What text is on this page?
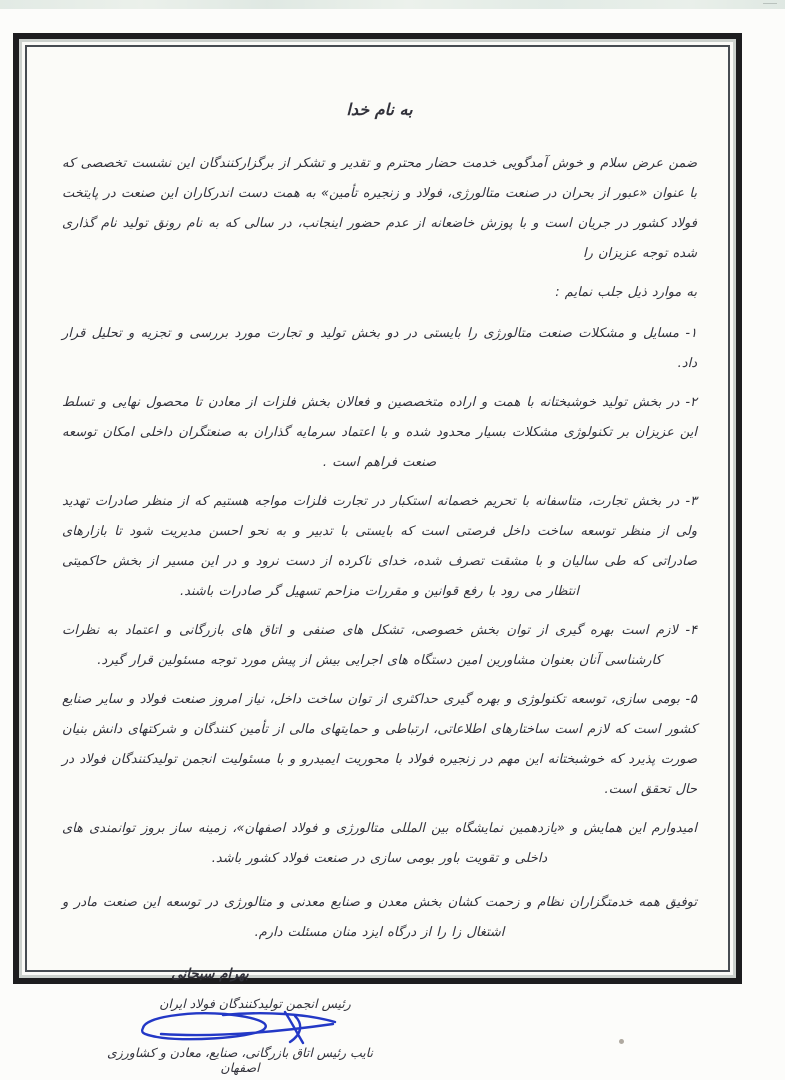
به نام خدا

ضمن عرض سلام و خوش آمدگویی خدمت حضار محترم و تقدیر و تشکر از برگزارکنندگان این نشست تخصصی که با عنوان «عبور از بحران در صنعت متالورژی، فولاد و زنجیره تأمین» به همت دست اندرکاران این صنعت در پایتخت فولاد کشور در جریان است و با پوزش خاضعانه از عدم حضور اینجانب، در سالی که به نام رونق تولید نام گذاری شده توجه عزیزان را

به موارد ذیل جلب نمایم :

۱- مسایل و مشکلات صنعت متالورژی را بایستی در دو بخش تولید و تجارت مورد بررسی و تجزیه و تحلیل قرار داد.

۲- در بخش تولید خوشبختانه با همت و اراده متخصصین و فعالان بخش فلزات از معادن تا محصول نهایی و تسلط این عزیزان بر تکنولوژی مشکلات بسیار محدود شده و با اعتماد سرمایه گذاران به صنعتگران داخلی امکان توسعه صنعت فراهم است .

۳- در بخش تجارت، متاسفانه با تحریم خصمانه استکبار در تجارت فلزات مواجه هستیم که از منظر صادرات تهدید ولی از منظر توسعه ساخت داخل فرصتی است که بایستی با تدبیر و به نحو احسن مدیریت شود تا بازارهای صادراتی که طی سالیان و با مشقت تصرف شده، خدای ناکرده از دست نرود و در این مسیر از بخش حاکمیتی انتظار می رود با رفع قوانین و مقررات مزاحم تسهیل گر صادرات باشند.

۴- لازم است بهره گیری از توان بخش خصوصی، تشکل های صنفی و اتاق های بازرگانی و اعتماد به نظرات کارشناسی آنان بعنوان مشاورین امین دستگاه های اجرایی بیش از پیش مورد توجه مسئولین قرار گیرد.

۵- بومی سازی، توسعه تکنولوژی و بهره گیری حداکثری از توان ساخت داخل، نیاز امروز صنعت فولاد و سایر صنایع کشور است که لازم است ساختارهای اطلاعاتی، ارتباطی و حمایتهای مالی از تأمین کنندگان و شرکتهای دانش بنیان صورت پذیرد که خوشبختانه این مهم در زنجیره فولاد با محوریت ایمیدرو و با مسئولیت انجمن تولیدکنندگان فولاد در حال تحقق است.

امیدوارم این همایش و «یازدهمین نمایشگاه بین المللی متالورژی و فولاد اصفهان»، زمینه ساز بروز توانمندی های داخلی و تقویت باور بومی سازی در صنعت فولاد کشور باشد.

توفیق همه خدمتگزاران نظام و زحمت کشان بخش معدن و صنایع معدنی و متالورژی در توسعه این صنعت مادر و اشتغال زا را از درگاه ایزد منان مسئلت دارم.

بهرام سبحانی
رئیس انجمن تولیدکنندگان فولاد ایران
نایب رئیس اتاق بازرگانی، صنایع، معادن و کشاورزی اصفهان
